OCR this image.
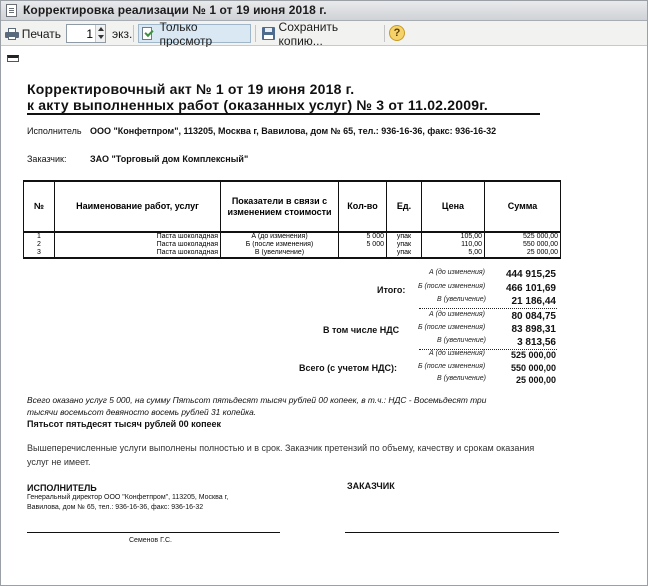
Корректировка реализации № 1 от 19 июня 2018 г.
Печать 1 экз. Только просмотр
Сохранить копию...
?
Корректировочный акт № 1 от 19 июня 2018 г.
к акту выполненных работ (оказанных услуг) № 3 от 11.02.2009г.
Исполнитель ООО "Конфетпром", 113205, Москва г, Вавилова, дом № 65, тел.: 936-16-36, факс: 936-16-32
Заказчик:	ЗАО "Торговый дом Комплексный"
№	Наименование работ, услуг	Показатели в связи с изменением стоимости	Кол-во	Ед.	Цена	Сумма
1	Паста шоколадная	А (до изменения)	5 000	упак	105,00	525 000,00
2	Паста шоколадная	Б (после изменения)	5 000	упак	110,00	550 000,00
3	Паста шоколадная	В (увеличение)		упак	5,00	25 000,00
А (до изменения) 444 915,25
Итого: Б (после изменения) 466 101,69
В (увеличение)	21 186,44
А (до изменения)	80 084,75
В том числе НДС	Б (после изменения)	83 898,31
В (увеличение)	3 813,56
А (до изменения)	525 000,00
Всего (с учетом НДС):	Б (после изменения)	550 000,00
В (увеличение)	25 000,00
Всего оказано услуг 5 000, на сумму Пятьсот пятьдесят тысяч рублей 00 копеек, в т.ч.: НДС - Восемьдесят три
тысячи восемьсот девяносто восемь рублей 31 копейка.
Пятьсот пятьдесят тысяч рублей 00 копеек
Вышеперечисленные услуги выполнены полностью и в срок. Заказчик претензий по объему, качеству и срокам оказания
услуг не имеет.
ИСПОЛНИТЕЛЬ
Генеральный директор ООО "Конфетпром", 113205, Москва г,
Вавилова, дом № 65, тел.: 936-16-36, факс: 936-16-32
Семенов Г.С.
ЗАКАЗЧИК
